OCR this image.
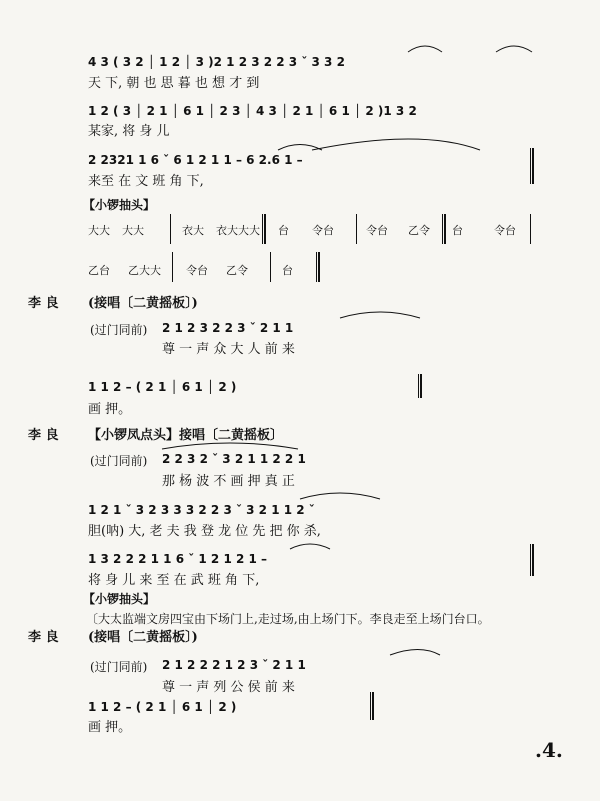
4 3 ( 3 2 │ 1 2 │ 3 )2 1 2 3 2 2 3 ˇ 3 3 2
天 下, 朝 也 思 暮 也 想 才 到
1 2 ( 3 │ 2 1 │ 6 1 │ 2 3 │ 4 3 │ 2 1 │ 6 1 │ 2 )1 3 2
某家, 将 身 儿
2 2321 1 6 ˇ 6 1 2 1 1 – 6 2.6 1 –
来至 在 文 班 角 下,
【小锣抽头】
大大 大大	衣大 衣大大大 台 令台	令台 乙令 台	令台
乙台 乙大大 令台 乙令	台
李 良 (接唱〔二黄摇板〕)
(过门同前) 2 1 2 3 2 2 3 ˇ 2 1 1
尊 一 声 众 大 人 前 来
1 1 2 – ( 2 1 │ 6 1 │ 2 )
画 押。
李 良 【小锣凤点头】接唱〔二黄摇板〕
(过门同前) 2 2 3 2 ˇ 3 2 1 1 2 2 1
那 杨 波 不 画 押 真 正
1 2 1 ˇ 3 2 3 3 3 2 2 3 ˇ 3 2 1 1 2 ˇ
胆(呐) 大, 老 夫 我 登 龙 位 先 把 你 杀,
1 3 2 2 2 1 1 6 ˇ 1 2 1 2 1 –
将 身 儿 来 至 在 武 班 角 下,
【小锣抽头】
〔大太监端文房四宝由下场门上,走过场,由上场门下。李良走至上场门台口。
李 良 (接唱〔二黄摇板〕)
(过门同前) 2 1 2 2 2 1 2 3 ˇ 2 1 1
尊 一 声 列 公 侯 前 来
1 1 2 – ( 2 1 │ 6 1 │ 2 )
画 押。
.4.
